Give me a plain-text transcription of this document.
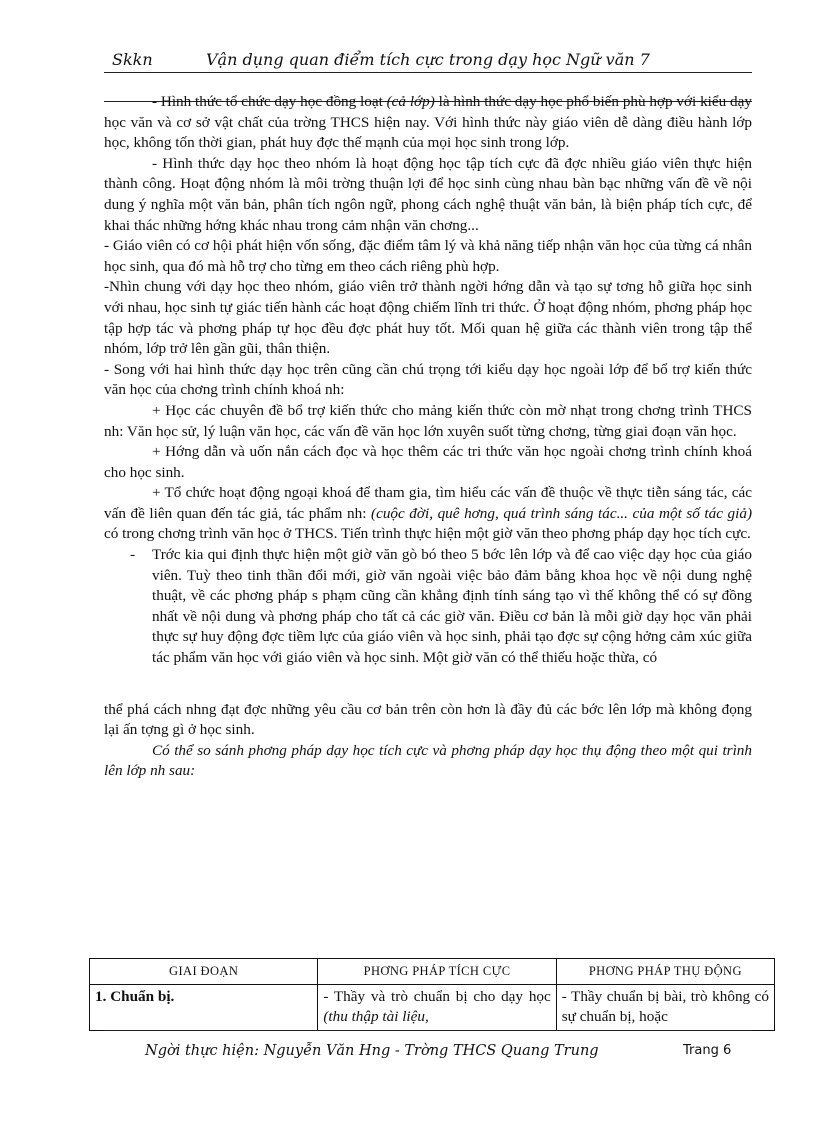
Skkn	Vận dụng quan điểm tích cực trong dạy học Ngữ văn 7

- Hình thức tổ chức dạy học đồng loạt (cả lớp) là hình thức dạy học phổ biến phù hợp với kiểu dạy học văn và cơ sở vật chất của trờng THCS hiện nay. Với hình thức này giáo viên dễ dàng điều hành lớp học, không tốn thời gian, phát huy đợc thế mạnh của mọi học sinh trong lớp.

- Hình thức dạy học theo nhóm là hoạt động học tập tích cực đã đợc nhiều giáo viên thực hiện thành công. Hoạt động nhóm là môi trờng thuận lợi để học sinh cùng nhau bàn bạc những vấn đề về nội dung ý nghĩa một văn bản, phân tích ngôn ngữ, phong cách nghệ thuật văn bản, là biện pháp tích cực, để khai thác những hớng khác nhau trong cảm nhận văn chơng...

- Giáo viên có cơ hội phát hiện vốn sống, đặc điểm tâm lý và khả năng tiếp nhận văn học của từng cá nhân học sinh, qua đó mà hỗ trợ cho từng em theo cách riêng phù hợp.

-Nhìn chung với dạy học theo nhóm, giáo viên trở thành ngời hớng dẫn và tạo sự tơng hỗ giữa học sinh với nhau, học sinh tự giác tiến hành các hoạt động chiếm lĩnh tri thức. Ở hoạt động nhóm, phơng pháp học tập hợp tác và phơng pháp tự học đều đợc phát huy tốt. Mối quan hệ giữa các thành viên trong tập thể nhóm, lớp trở lên gần gũi, thân thiện.

- Song với hai hình thức dạy học trên cũng cần chú trọng tới kiểu dạy học ngoài lớp để bổ trợ kiến thức văn học của chơng trình chính khoá nh:

+ Học các chuyên đề bổ trợ kiến thức cho mảng kiến thức còn mờ nhạt trong chơng trình THCS nh: Văn học sử, lý luận văn học, các vấn đề văn học lớn xuyên suốt từng chơng, từng giai đoạn văn học.

+ Hớng dẫn và uốn nắn cách đọc và học thêm các tri thức văn học ngoài chơng trình chính khoá cho học sinh.

+ Tổ chức hoạt động ngoại khoá để tham gia, tìm hiểu các vấn đề thuộc về thực tiễn sáng tác, các vấn đề liên quan đến tác giả, tác phẩm nh: (cuộc đời, quê hơng, quá trình sáng tác... của một số tác giả) có trong chơng trình văn học ở THCS. Tiến trình thực hiện một giờ văn theo phơng pháp dạy học tích cực.

- Trớc kia qui định thực hiện một giờ văn gò bó theo 5 bớc lên lớp và để cao việc dạy học của giáo viên. Tuỳ theo tinh thần đổi mới, giờ văn ngoài việc bảo đảm bằng khoa học về nội dung nghệ thuật, về các phơng pháp s phạm cũng cần khẳng định tính sáng tạo vì thế không thể có sự đồng nhất về nội dung và phơng pháp cho tất cả các giờ văn. Điều cơ bản là mỗi giờ dạy học văn phải thực sự huy động đợc tiềm lực của giáo viên và học sinh, phải tạo đợc sự cộng hởng cảm xúc giữa tác phẩm văn học với giáo viên và học sinh. Một giờ văn có thể thiếu hoặc thừa, có

thể phá cách nhng đạt đợc những yêu cầu cơ bản trên còn hơn là đầy đủ các bớc lên lớp mà không đọng lại ấn tợng gì ở học sinh.

Có thể so sánh phơng pháp dạy học tích cực và phơng pháp dạy học thụ động theo một qui trình lên lớp nh sau:

GIAI ĐOẠN	PHƠNG PHÁP TÍCH CỰC	PHƠNG PHÁP THỤ ĐỘNG
1. Chuẩn bị.	- Thầy và trò chuẩn bị cho dạy học (thu thập tài liệu,	- Thầy chuẩn bị bài, trò không có sự chuẩn bị, hoặc
Ngời thực hiện: Nguyễn Văn Hng - Trờng THCS Quang Trung	Trang 6
